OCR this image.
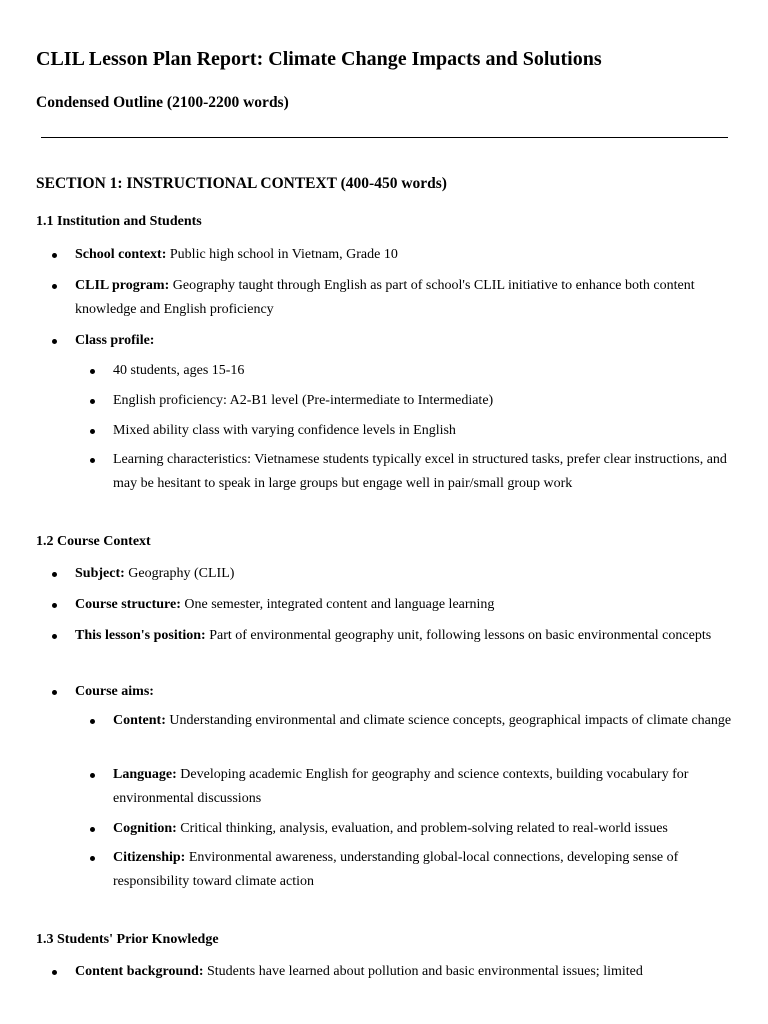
CLIL Lesson Plan Report: Climate Change Impacts and Solutions
Condensed Outline (2100-2200 words)
SECTION 1: INSTRUCTIONAL CONTEXT (400-450 words)
1.1 Institution and Students
School context: Public high school in Vietnam, Grade 10
CLIL program: Geography taught through English as part of school's CLIL initiative to enhance both content knowledge and English proficiency
Class profile:
40 students, ages 15-16
English proficiency: A2-B1 level (Pre-intermediate to Intermediate)
Mixed ability class with varying confidence levels in English
Learning characteristics: Vietnamese students typically excel in structured tasks, prefer clear instructions, and may be hesitant to speak in large groups but engage well in pair/small group work
1.2 Course Context
Subject: Geography (CLIL)
Course structure: One semester, integrated content and language learning
This lesson's position: Part of environmental geography unit, following lessons on basic environmental concepts
Course aims:
Content: Understanding environmental and climate science concepts, geographical impacts of climate change
Language: Developing academic English for geography and science contexts, building vocabulary for environmental discussions
Cognition: Critical thinking, analysis, evaluation, and problem-solving related to real-world issues
Citizenship: Environmental awareness, understanding global-local connections, developing sense of responsibility toward climate action
1.3 Students' Prior Knowledge
Content background: Students have learned about pollution and basic environmental issues; limited
